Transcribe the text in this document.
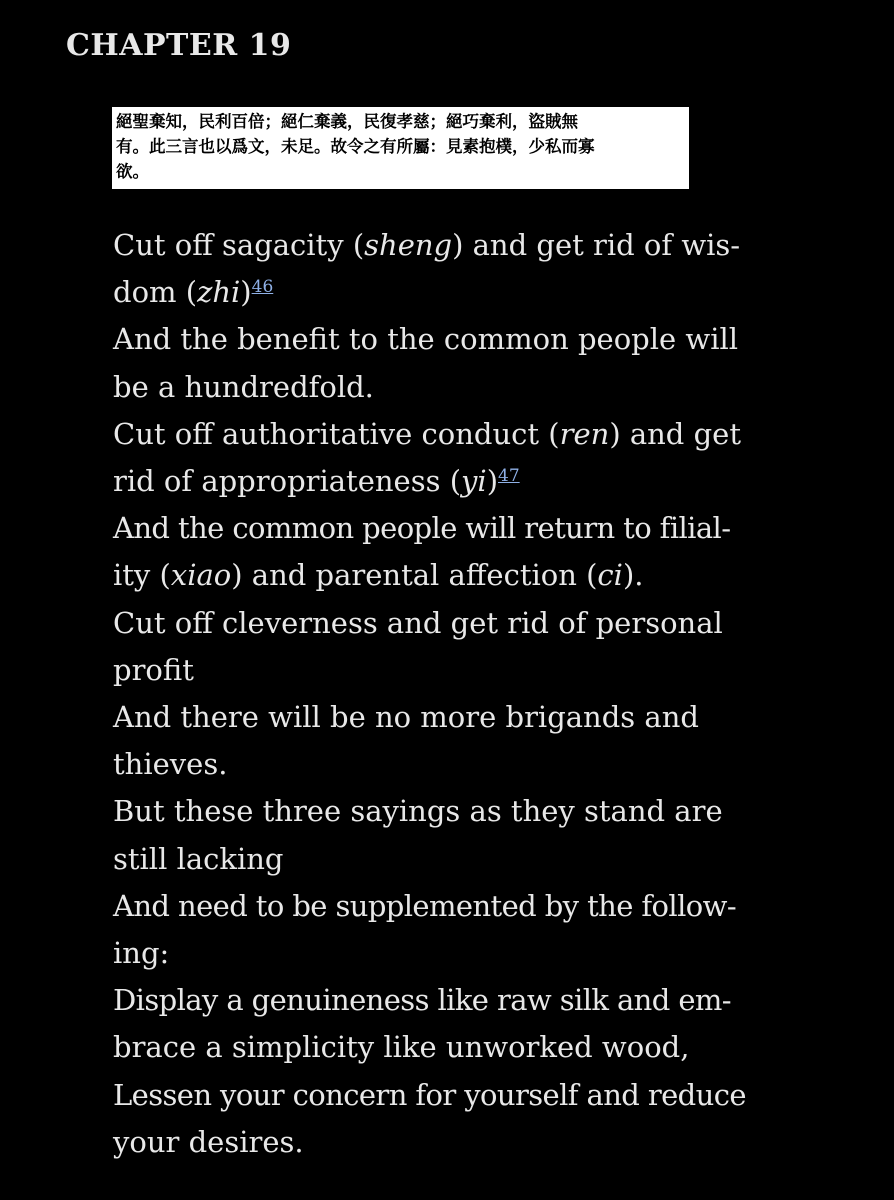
CHAPTER 19
絕聖棄知，民利百倍；絕仁棄義，民復孝慈；絕巧棄利，盜賊無
有。此三言也以爲文，未足。故令之有所屬：見素抱樸，少私而寡
欲。
Cut off sagacity (sheng) and get rid of wis-
dom (zhi)$^{46}$
And the benefit to the common people will
be a hundredfold.
Cut off authoritative conduct (ren) and get
rid of appropriateness (yi)$^{47}$
And the common people will return to filial-
ity (xiao) and parental affection (ci).
Cut off cleverness and get rid of personal
profit
And there will be no more brigands and
thieves.
But these three sayings as they stand are
still lacking
And need to be supplemented by the follow-
ing:
Display a genuineness like raw silk and em-
brace a simplicity like unworked wood,
Lessen your concern for yourself and reduce
your desires.
